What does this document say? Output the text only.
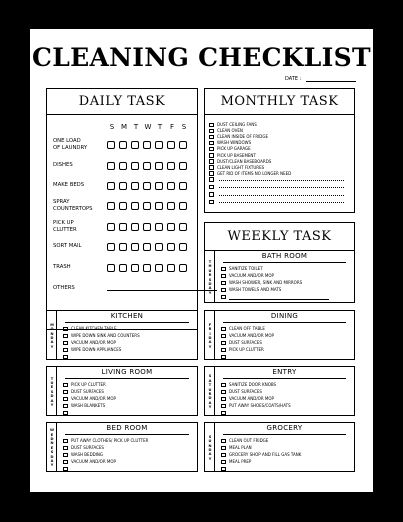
CLEANING CHECKLIST
DATE :
DAILY TASK
S M T W T	F	S
ONE LOAD
OF LAUNDRY
DISHES
MAKE BEDS
SPRAY
COUNTERTOPS
PICK UP
CLUTTER
SORT MAIL
TRASH
OTHERS
MONTHLY TASK
DUST CEILING FANS
CLEAN OVEN
CLEAN INSIDE OF FRIDGE
WASH WINDOWS
PICK UP GARAGE
PICK UP BASEMENT
DUST/CLEAN BASEBOARDS
CLEAN LIGHT FIXTURES
GET RID OF ITEMS NO LONGER NEED
WEEKLY TASK
T
H
U
R
S
D
A
Y
BATH ROOM
SANITIZE TOILET
VACUUM AND/OR MOP
WASH SHOWER, SINK AND MIRRORS
WASH TOWELS AND MATS
M
O
N
D
A
Y
KITCHEN
CLEAN KITCHEN TABLE
WIPE DOWN SINK AND COUNTERS
VACUUM AND/OR MOP
WIPE DOWN APPLIANCES
F
R
I
D
A
Y
DINING
CLEAN OFF TABLE
VACUUM AND/OR MOP
DUST SURFACES
PICK UP CLUTTER
T
U
E
S
D
A
Y
LIVING ROOM
PICK UP CLUTTER
DUST SURFACES
VACUUM AND/OR MOP
WASH BLANKETS
S
A
T
U
R
D
A
Y
ENTRY
SANITIZE DOOR KNOBS
DUST SURFACES
VACUUM AND/OR MOP
PUT AWAY SHOES/COATS/HATS
W
E
D
N
E
S
D
A
Y
BED ROOM
PUT AWAY CLOTHES/ PICK UP CLUTTER
DUST SURFACES
WASH BEDDING
VACUUM AND/OR MOP
S
U
N
D
A
Y
GROCERY
CLEAN OUT FRIDGE
MEAL PLAN
GROCERY SHOP AND FILL GAS TANK
MEAL PREP
